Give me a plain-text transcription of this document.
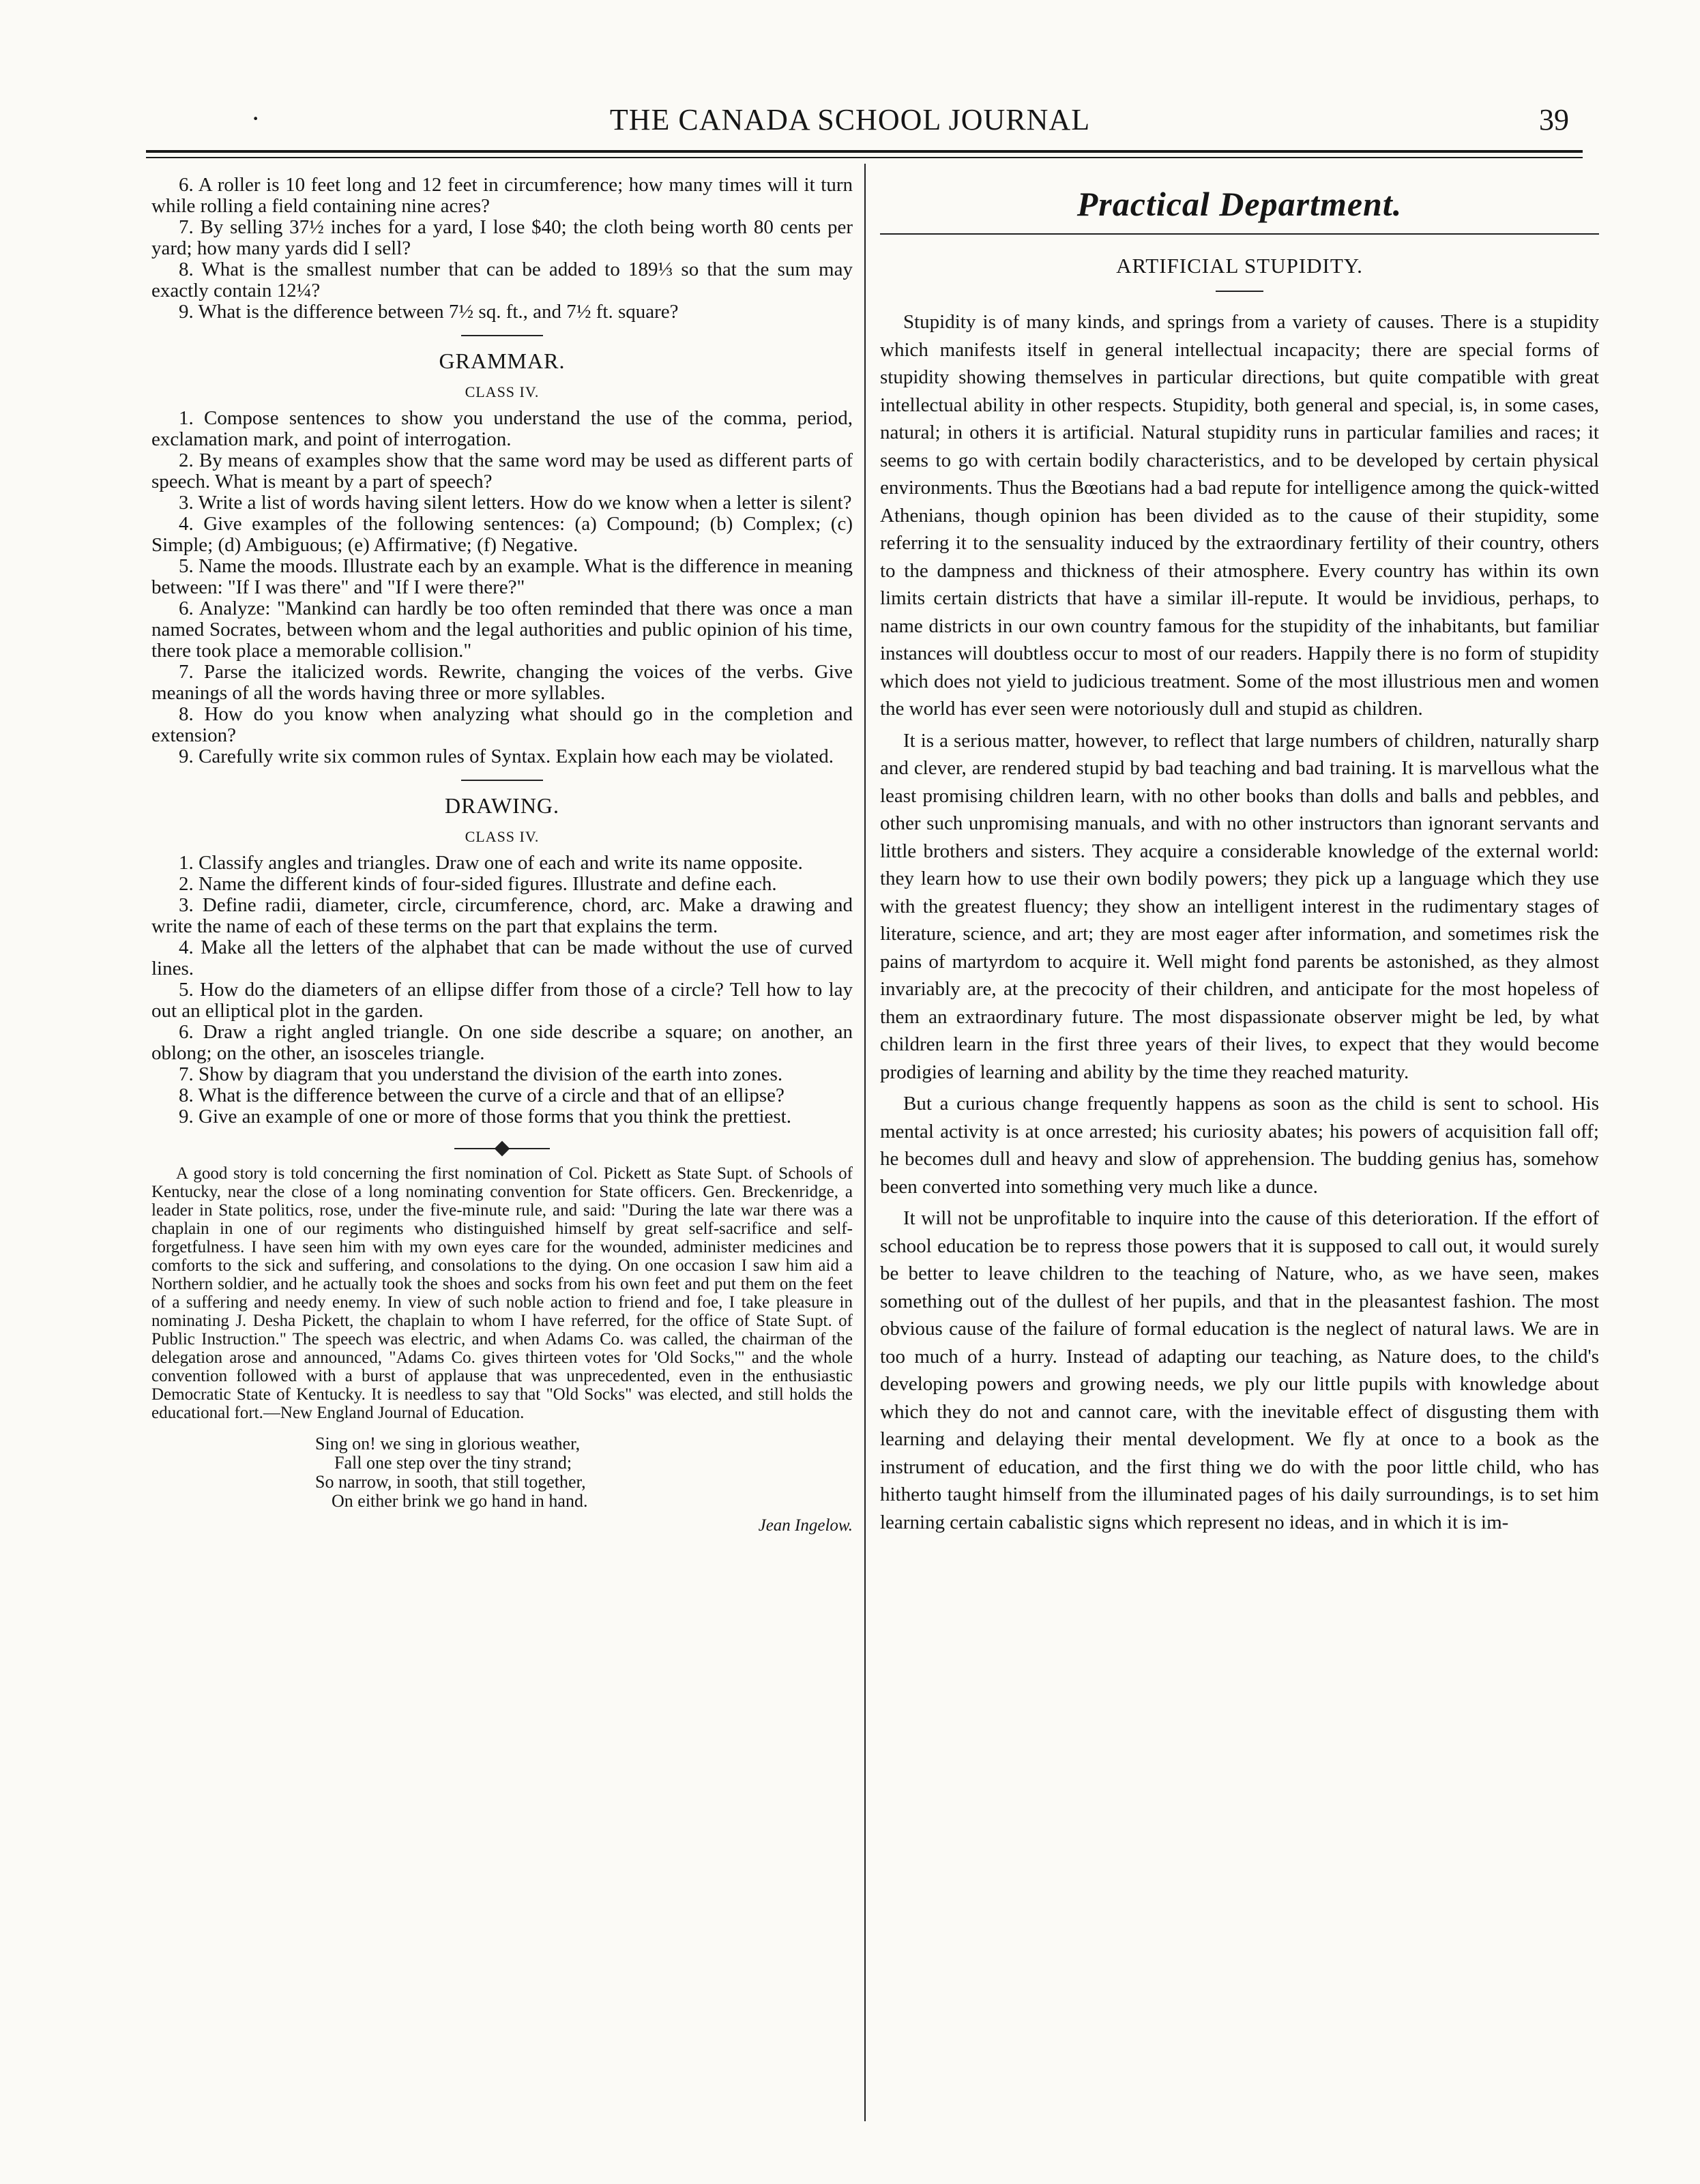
·	THE CANADA SCHOOL JOURNAL	39

6. A roller is 10 feet long and 12 feet in circumference; how many times will it turn while rolling a field containing nine acres?

7. By selling 37½ inches for a yard, I lose $40; the cloth being worth 80 cents per yard; how many yards did I sell?

8. What is the smallest number that can be added to 189⅓ so that the sum may exactly contain 12¼?

9. What is the difference between 7½ sq. ft., and 7½ ft. square?

GRAMMAR.
CLASS IV.

1. Compose sentences to show you understand the use of the comma, period, exclamation mark, and point of interrogation.

2. By means of examples show that the same word may be used as different parts of speech. What is meant by a part of speech?

3. Write a list of words having silent letters. How do we know when a letter is silent?

4. Give examples of the following sentences: (a) Compound; (b) Complex; (c) Simple; (d) Ambiguous; (e) Affirmative; (f) Negative.

5. Name the moods. Illustrate each by an example. What is the difference in meaning between: "If I was there" and "If I were there?"

6. Analyze: "Mankind can hardly be too often reminded that there was once a man named Socrates, between whom and the legal authorities and public opinion of his time, there took place a memorable collision."

7. Parse the italicized words. Rewrite, changing the voices of the verbs. Give meanings of all the words having three or more syllables.

8. How do you know when analyzing what should go in the completion and extension?

9. Carefully write six common rules of Syntax. Explain how each may be violated.

DRAWING.
CLASS IV.

1. Classify angles and triangles. Draw one of each and write its name opposite.

2. Name the different kinds of four-sided figures. Illustrate and define each.

3. Define radii, diameter, circle, circumference, chord, arc. Make a drawing and write the name of each of these terms on the part that explains the term.

4. Make all the letters of the alphabet that can be made without the use of curved lines.

5. How do the diameters of an ellipse differ from those of a circle? Tell how to lay out an elliptical plot in the garden.

6. Draw a right angled triangle. On one side describe a square; on another, an oblong; on the other, an isosceles triangle.

7. Show by diagram that you understand the division of the earth into zones.

8. What is the difference between the curve of a circle and that of an ellipse?

9. Give an example of one or more of those forms that you think the prettiest.

A good story is told concerning the first nomination of Col. Pickett as State Supt. of Schools of Kentucky, near the close of a long nominating convention for State officers. Gen. Breckenridge, a leader in State politics, rose, under the five-minute rule, and said: "During the late war there was a chaplain in one of our regiments who distinguished himself by great self-sacrifice and self-forgetfulness. I have seen him with my own eyes care for the wounded, administer medicines and comforts to the sick and suffering, and consolations to the dying. On one occasion I saw him aid a Northern soldier, and he actually took the shoes and socks from his own feet and put them on the feet of a suffering and needy enemy. In view of such noble action to friend and foe, I take pleasure in nominating J. Desha Pickett, the chaplain to whom I have referred, for the office of State Supt. of Public Instruction." The speech was electric, and when Adams Co. was called, the chairman of the delegation arose and announced, "Adams Co. gives thirteen votes for 'Old Socks,'" and the whole convention followed with a burst of applause that was unprecedented, even in the enthusiastic Democratic State of Kentucky. It is needless to say that "Old Socks" was elected, and still holds the educational fort.—New England Journal of Education.

Sing on! we sing in glorious weather,
Fall one step over the tiny strand;
So narrow, in sooth, that still together,
On either brink we go hand in hand.
Jean Ingelow.
Practical Department.
ARTIFICIAL STUPIDITY.

Stupidity is of many kinds, and springs from a variety of causes. There is a stupidity which manifests itself in general intellectual incapacity; there are special forms of stupidity showing themselves in particular directions, but quite compatible with great intellectual ability in other respects. Stupidity, both general and special, is, in some cases, natural; in others it is artificial. Natural stupidity runs in particular families and races; it seems to go with certain bodily characteristics, and to be developed by certain physical environments. Thus the Bœotians had a bad repute for intelligence among the quick-witted Athenians, though opinion has been divided as to the cause of their stupidity, some referring it to the sensuality induced by the extraordinary fertility of their country, others to the dampness and thickness of their atmosphere. Every country has within its own limits certain districts that have a similar ill-repute. It would be invidious, perhaps, to name districts in our own country famous for the stupidity of the inhabitants, but familiar instances will doubtless occur to most of our readers. Happily there is no form of stupidity which does not yield to judicious treatment. Some of the most illustrious men and women the world has ever seen were notoriously dull and stupid as children.

It is a serious matter, however, to reflect that large numbers of children, naturally sharp and clever, are rendered stupid by bad teaching and bad training. It is marvellous what the least promising children learn, with no other books than dolls and balls and pebbles, and other such unpromising manuals, and with no other instructors than ignorant servants and little brothers and sisters. They acquire a considerable knowledge of the external world: they learn how to use their own bodily powers; they pick up a language which they use with the greatest fluency; they show an intelligent interest in the rudimentary stages of literature, science, and art; they are most eager after information, and sometimes risk the pains of martyrdom to acquire it. Well might fond parents be astonished, as they almost invariably are, at the precocity of their children, and anticipate for the most hopeless of them an extraordinary future. The most dispassionate observer might be led, by what children learn in the first three years of their lives, to expect that they would become prodigies of learning and ability by the time they reached maturity.

But a curious change frequently happens as soon as the child is sent to school. His mental activity is at once arrested; his curiosity abates; his powers of acquisition fall off; he becomes dull and heavy and slow of apprehension. The budding genius has, somehow been converted into something very much like a dunce.

It will not be unprofitable to inquire into the cause of this deterioration. If the effort of school education be to repress those powers that it is supposed to call out, it would surely be better to leave children to the teaching of Nature, who, as we have seen, makes something out of the dullest of her pupils, and that in the pleasantest fashion. The most obvious cause of the failure of formal education is the neglect of natural laws. We are in too much of a hurry. Instead of adapting our teaching, as Nature does, to the child's developing powers and growing needs, we ply our little pupils with knowledge about which they do not and cannot care, with the inevitable effect of disgusting them with learning and delaying their mental development. We fly at once to a book as the instrument of education, and the first thing we do with the poor little child, who has hitherto taught himself from the illuminated pages of his daily surroundings, is to set him learning certain cabalistic signs which represent no ideas, and in which it is im-
